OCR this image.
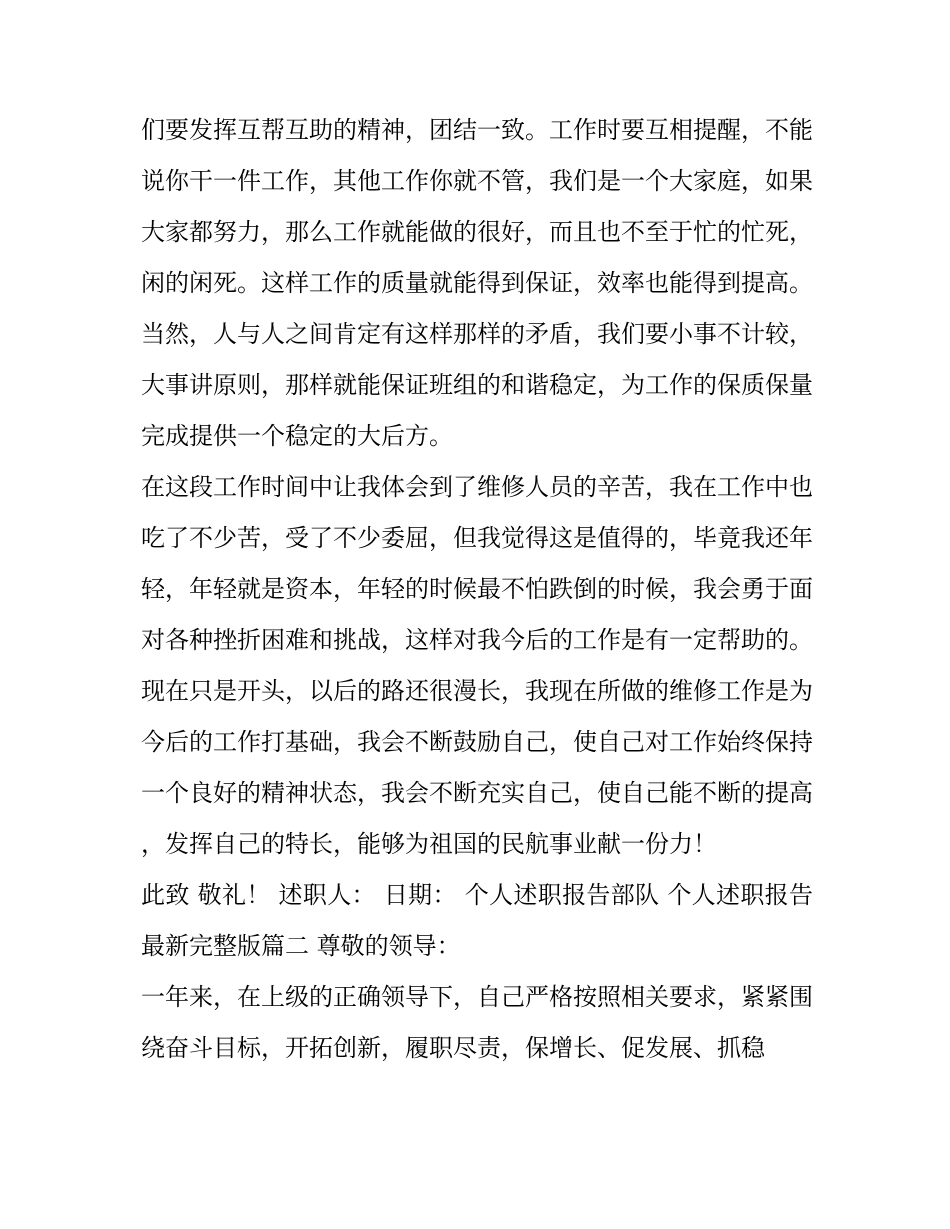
们要发挥互帮互助的精神，团结一致。工作时要互相提醒，不能说你干一件工作，其他工作你就不管，我们是一个大家庭，如果大家都努力，那么工作就能做的很好，而且也不至于忙的忙死，闲的闲死。这样工作的质量就能得到保证，效率也能得到提高。当然，人与人之间肯定有这样那样的矛盾，我们要小事不计较，大事讲原则，那样就能保证班组的和谐稳定，为工作的保质保量完成提供一个稳定的大后方。

在这段工作时间中让我体会到了维修人员的辛苦，我在工作中也吃了不少苦，受了不少委屈，但我觉得这是值得的，毕竟我还年轻，年轻就是资本，年轻的时候最不怕跌倒的时候，我会勇于面对各种挫折困难和挑战，这样对我今后的工作是有一定帮助的。现在只是开头，以后的路还很漫长，我现在所做的维修工作是为今后的工作打基础，我会不断鼓励自己，使自己对工作始终保持一个良好的精神状态，我会不断充实自己，使自己能不断的提高，发挥自己的特长，能够为祖国的民航事业献一份力！

此致 敬礼！ 述职人： 日期： 个人述职报告部队 个人述职报告最新完整版篇二 尊敬的领导：

一年来，在上级的正确领导下，自己严格按照相关要求，紧紧围绕奋斗目标，开拓创新，履职尽责，保增长、促发展、抓稳
